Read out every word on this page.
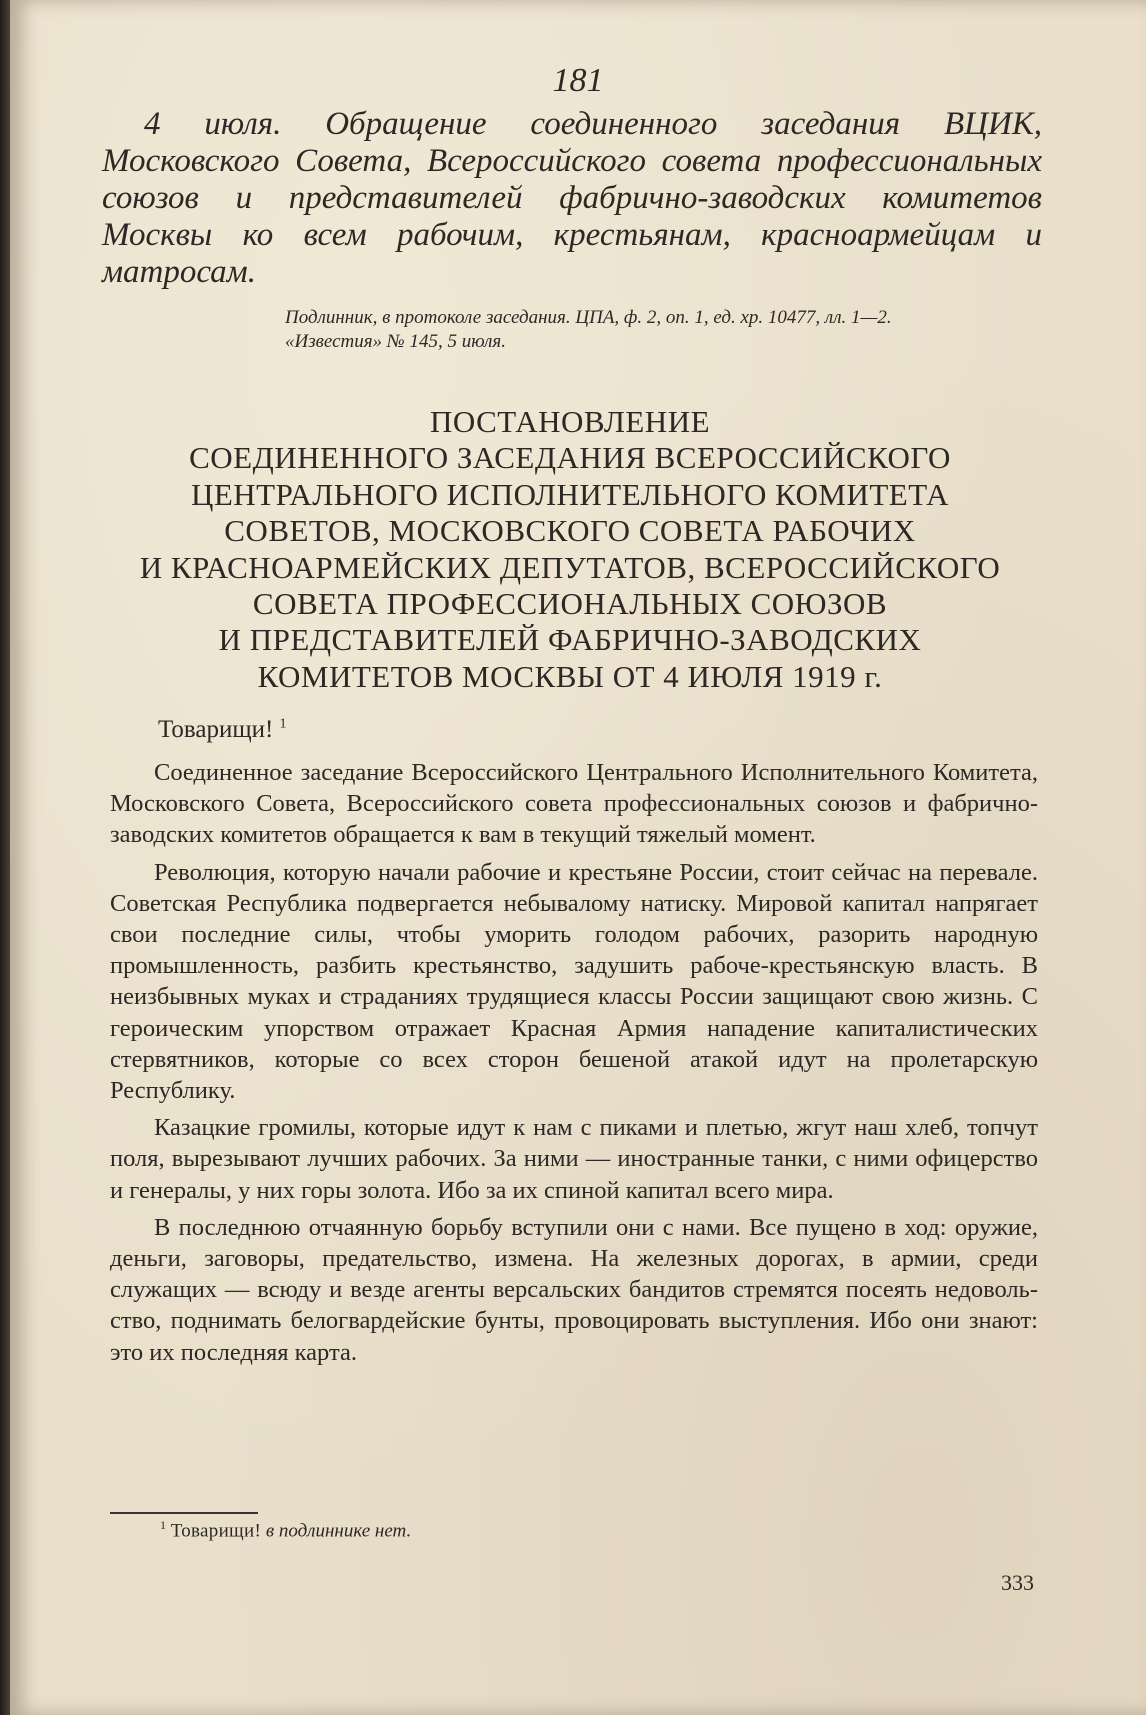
181
4 июля. Обращение соединенного заседания ВЦИК, Московского Совета, Всероссийского совета профессиональных союзов и представителей фабрично-заводских комитетов Москвы ко всем рабочим, крестьянам, красноармейцам и матросам.
Подлинник, в протоколе заседания. ЦПА, ф. 2, оп. 1, ед. хр. 10477, лл. 1—2.
«Известия» № 145, 5 июля.
ПОСТАНОВЛЕНИЕ
СОЕДИНЕННОГО ЗАСЕДАНИЯ ВСЕРОССИЙСКОГО
ЦЕНТРАЛЬНОГО ИСПОЛНИТЕЛЬНОГО КОМИТЕТА
СОВЕТОВ, МОСКОВСКОГО СОВЕТА РАБОЧИХ
И КРАСНОАРМЕЙСКИХ ДЕПУТАТОВ, ВСЕРОССИЙСКОГО
СОВЕТА ПРОФЕССИОНАЛЬНЫХ СОЮЗОВ
И ПРЕДСТАВИТЕЛЕЙ ФАБРИЧНО-ЗАВОДСКИХ
КОМИТЕТОВ МОСКВЫ ОТ 4 ИЮЛЯ 1919 г.
Товарищи! $^1$

Соединенное заседание Всероссийского Центрального Исполнительного Комитета, Московского Совета, Всероссийского совета профессиональных союзов и фабрично-заводских комитетов обращается к вам в текущий тяжелый момент.

Революция, которую начали рабочие и крестьяне России, стоит сейчас на перевале. Советская Республика подвергается небывалому натиску. Мировой капитал напрягает свои последние силы, чтобы уморить голодом рабочих, разорить народную промышленность, разбить крестьянство, задушить рабоче-крестьянскую власть. В неизбывных муках и страданиях трудящиеся классы России защищают свою жизнь. С героическим упорством отражает Красная Армия нападение капиталистических стервятников, которые со всех сторон бешеной атакой идут на пролетарскую Республику.

Казацкие громилы, которые идут к нам с пиками и плетью, жгут наш хлеб, топчут поля, вырезывают лучших рабочих. За ними — иностранные танки, с ними офицерство и генералы, у них горы золота. Ибо за их спиной капитал всего мира.

В последнюю отчаянную борьбу вступили они с нами. Все пущено в ход: оружие, деньги, заговоры, предательство, измена. На железных дорогах, в армии, среди служащих — всюду и везде агенты версальских бандитов стремятся посеять недовольство, поднимать белогвардейские бунты, провоцировать выступления. Ибо они знают: это их последняя карта.

$^1$ Товарищи! в подлиннике нет.
333
